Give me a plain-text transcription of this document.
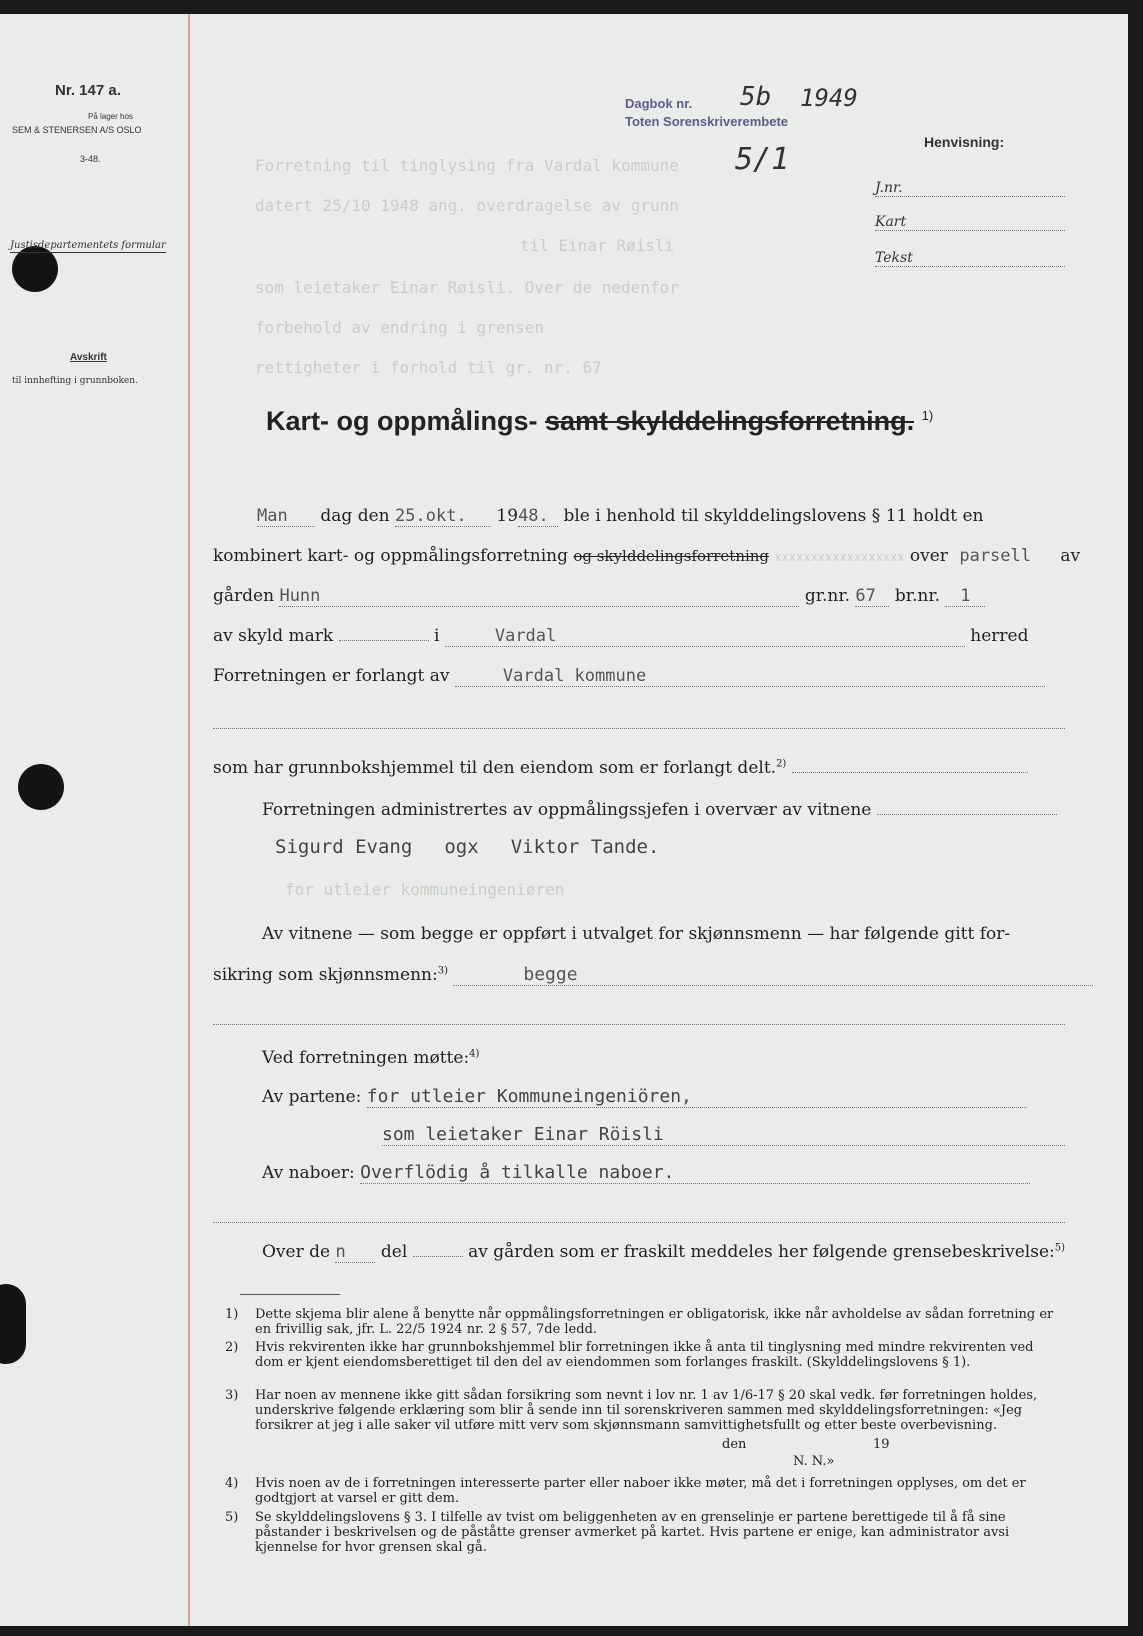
Nr. 147 a.
På lager hos
SEM & STENERSEN A/S OSLO
3-48.
Justisdepartementets formular
Avskrift
til innhefting i grunnboken.
Dagbok nr.
Toten Sorenskriverembete
5b 1949
5/1	Henvisning:
J.nr.
Kart
Tekst
Forretning til tinglysing fra Vardal kommune
datert 25/10 1948 ang. overdragelse av grunn
til Einar Røisli
som leietaker Einar Røisli. Over de nedenfor
forbehold av endring i grensen
rettigheter i forhold til gr. nr. 67
Kart- og oppmålings- samt skylddelingsforretning. $^{1)}$
Man dag den 25.okt. 1948. ble i henhold til skylddelingslovens § 11 holdt en
kombinert kart- og oppmålingsforretning og skylddelingsforretning xxxxxxxxxxxxxxxxxx over parsell av
gården Hunn	gr.nr. 67 br.nr. 1
av skyld mark	i	Vardal	herred
Forretningen er forlangt av	Vardal kommune

som har grunnbokshjemmel til den eiendom som er forlangt delt.$^{2)}$
Forretningen administrertes av oppmålingssjefen i overvær av vitnene
Sigurd Evang ogx Viktor Tande.
for utleier kommuneingeniøren
Av vitnene — som begge er oppført i utvalget for skjønnsmenn — har følgende gitt for-
sikring som skjønnsmenn:$^{3)}$	begge

Ved forretningen møtte:$^{4)}$
Av partene: for utleier Kommuneingeniören,
som leietaker Einar Röisli
Av naboer: Overflödig å tilkalle naboer.

Over de n del	av gården som er fraskilt meddeles her følgende grensebeskrivelse:$^{5)}$
1) Dette skjema blir alene å benytte når oppmålingsforretningen er obligatorisk, ikke når avholdelse av sådan forretning er en frivillig sak, jfr. L. 22/5 1924 nr. 2 § 57, 7de ledd.
2) Hvis rekvirenten ikke har grunnbokshjemmel blir forretningen ikke å anta til tinglysning med mindre rekvirenten ved dom er kjent eiendomsberettiget til den del av eiendommen som forlanges fraskilt. (Skylddelingslovens § 1).
3) Har noen av mennene ikke gitt sådan forsikring som nevnt i lov nr. 1 av 1/6-17 § 20 skal vedk. før forretningen holdes, underskrive følgende erklæring som blir å sende inn til sorenskriveren sammen med skylddelingsforretningen: «Jeg forsikrer at jeg i alle saker vil utføre mitt verv som skjønnsmann samvittighetsfullt og etter beste overbevisning.
den	19
N. N.»
4) Hvis noen av de i forretningen interesserte parter eller naboer ikke møter, må det i forretningen opplyses, om det er godtgjort at varsel er gitt dem.
5) Se skylddelingslovens § 3. I tilfelle av tvist om beliggenheten av en grenselinje er partene berettigede til å få sine påstander i beskrivelsen og de påståtte grenser avmerket på kartet. Hvis partene er enige, kan administrator avsi kjennelse for hvor grensen skal gå.
